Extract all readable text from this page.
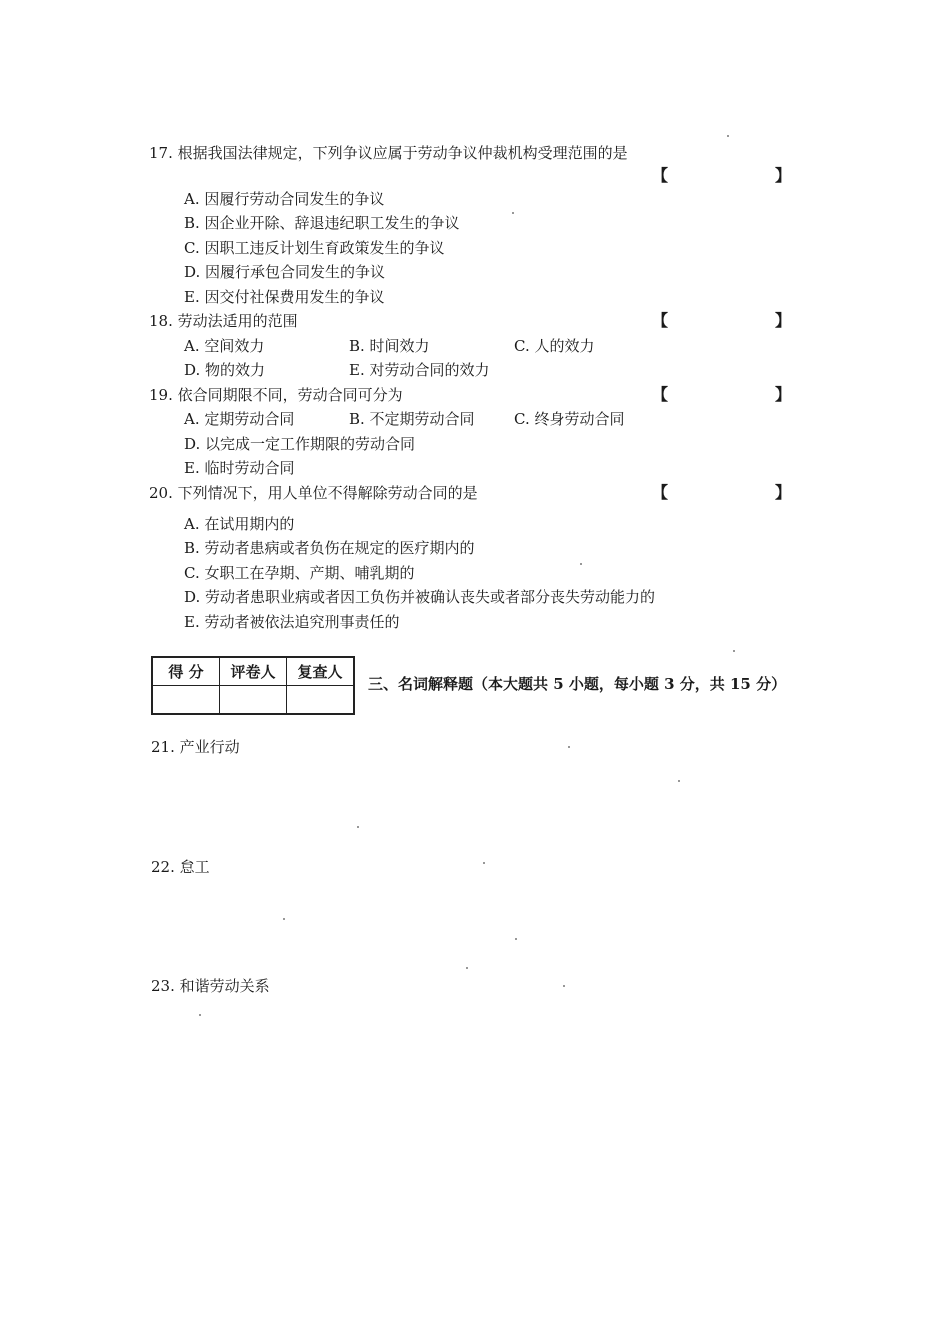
17. 根据我国法律规定，下列争议应属于劳动争议仲裁机构受理范围的是
【	】
A. 因履行劳动合同发生的争议
B. 因企业开除、辞退违纪职工发生的争议
C. 因职工违反计划生育政策发生的争议
D. 因履行承包合同发生的争议
E. 因交付社保费用发生的争议
18. 劳动法适用的范围	【	】
A. 空间效力	B. 时间效力	C. 人的效力
D. 物的效力	E. 对劳动合同的效力
19. 依合同期限不同，劳动合同可分为	【	】
A. 定期劳动合同	B. 不定期劳动合同	C. 终身劳动合同
D. 以完成一定工作期限的劳动合同
E. 临时劳动合同
20. 下列情况下，用人单位不得解除劳动合同的是	【	】
A. 在试用期内的
B. 劳动者患病或者负伤在规定的医疗期内的
C. 女职工在孕期、产期、哺乳期的
D. 劳动者患职业病或者因工负伤并被确认丧失或者部分丧失劳动能力的
E. 劳动者被依法追究刑事责任的
得 分	评卷人	复查人

三、名词解释题（本大题共 5 小题，每小题 3 分，共 15 分）
21. 产业行动
22. 怠工
23. 和谐劳动关系
